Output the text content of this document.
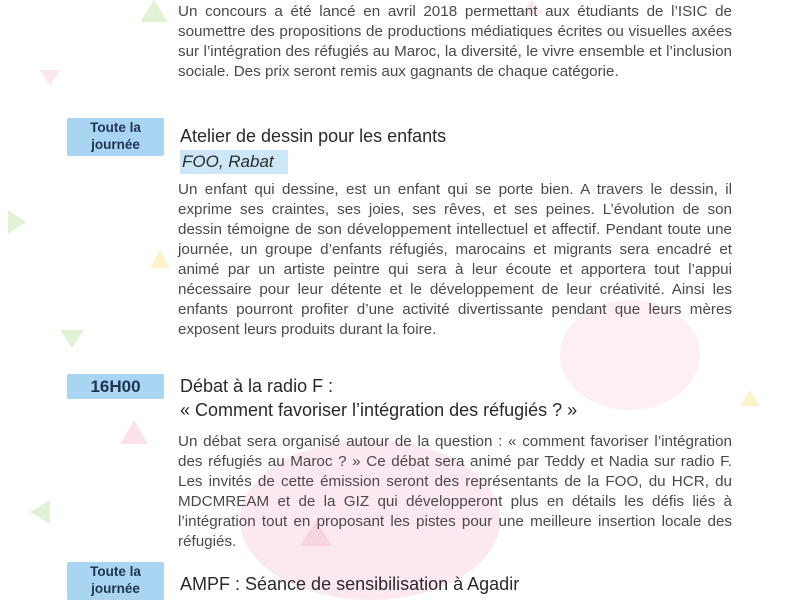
Un concours a été lancé en avril 2018 permettant aux étudiants de l’ISIC de soumettre des propositions de productions médiatiques écrites ou visuelles axées sur l’intégration des réfugiés au Maroc, la diversité, le vivre ensemble et l’inclusion sociale. Des prix seront remis aux gagnants de chaque catégorie.

Toute la
journée	Atelier de dessin pour les enfants
FOO, Rabat

Un enfant qui dessine, est un enfant qui se porte bien. A travers le dessin, il exprime ses craintes, ses joies, ses rêves, et ses peines. L’évolution de son dessin témoigne de son développement intellectuel et affectif. Pendant toute une journée, un groupe d’enfants réfugiés, marocains et migrants sera encadré et animé par un artiste peintre qui sera à leur écoute et apportera tout l’appui nécessaire pour leur détente et le développement de leur créativité. Ainsi les enfants pourront profiter d’une activité divertissante pendant que leurs mères exposent leurs produits durant la foire.

16H00	Débat à la radio F :
« Comment favoriser l’intégration des réfugiés ? »

Un débat sera organisé autour de la question : « comment favoriser l’intégration des réfugiés au Maroc ? » Ce débat sera animé par Teddy et Nadia sur radio F. Les invités de cette émission seront des représentants de la FOO, du HCR, du MDCMREAM et de la GIZ qui développeront plus en détails les défis liés à l’intégration tout en proposant les pistes pour une meilleure insertion locale des réfugiés.

Toute la
journée	AMPF : Séance de sensibilisation à Agadir
